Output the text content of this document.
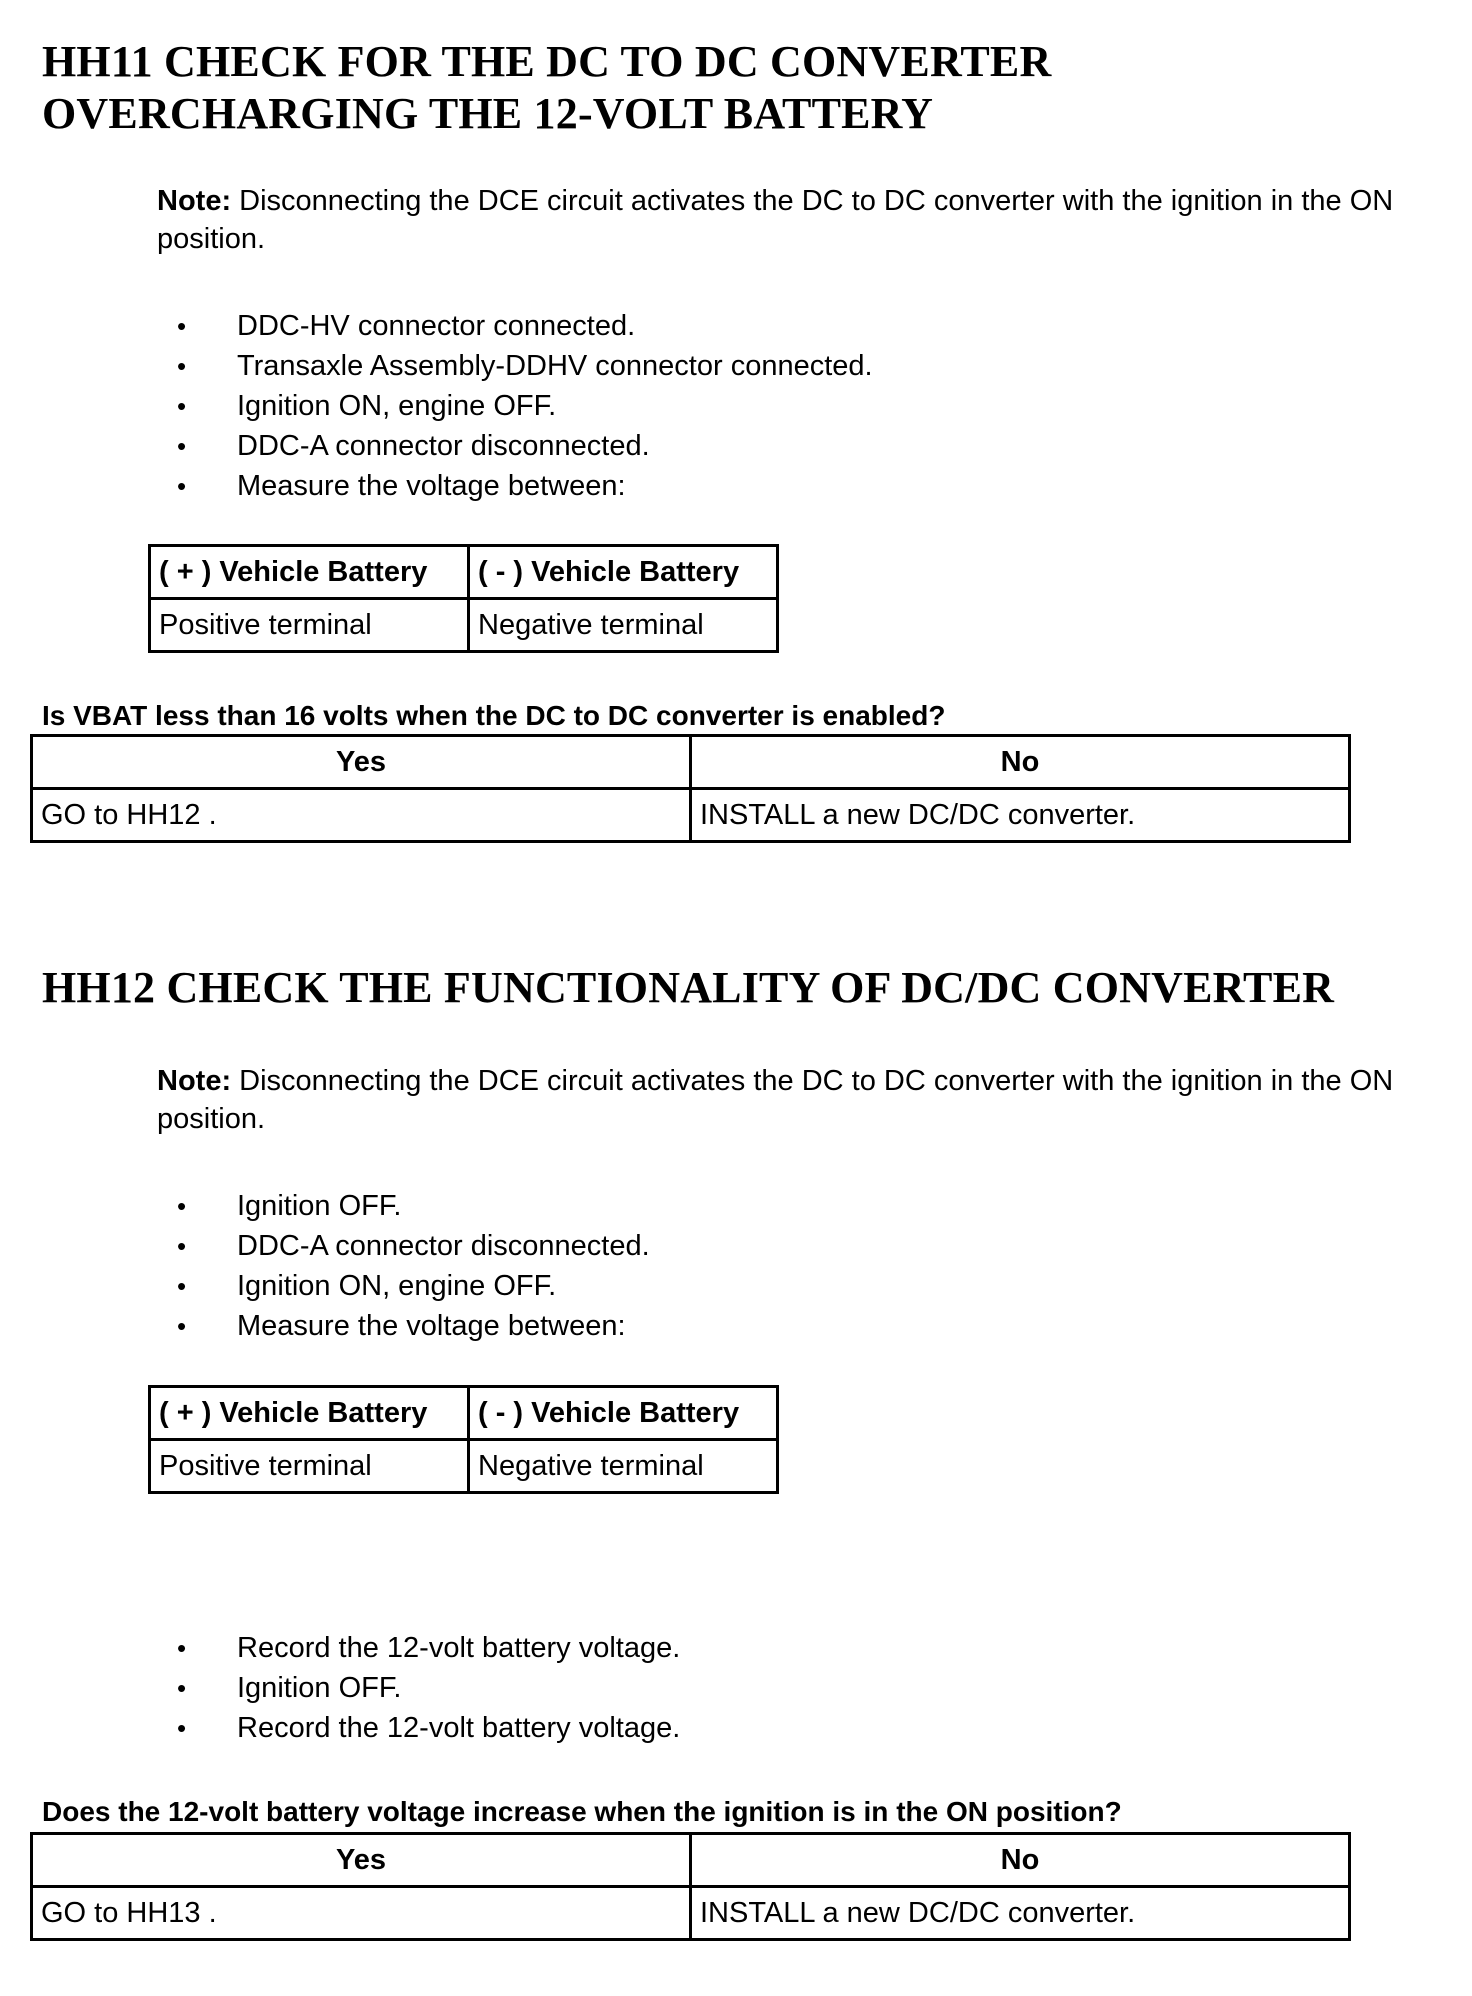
HH11 CHECK FOR THE DC TO DC CONVERTER
OVERCHARGING THE 12-VOLT BATTERY

Note: Disconnecting the DCE circuit activates the DC to DC converter with the ignition in the ON position.

• DDC-HV connector connected.
• Transaxle Assembly-DDHV connector connected.
• Ignition ON, engine OFF.
• DDC-A connector disconnected.
• Measure the voltage between:
( + ) Vehicle Battery	( - ) Vehicle Battery
Positive terminal	Negative terminal

Is VBAT less than 16 volts when the DC to DC converter is enabled?

Yes	No
GO to HH12 .	INSTALL a new DC/DC converter.
HH12 CHECK THE FUNCTIONALITY OF DC/DC CONVERTER

Note: Disconnecting the DCE circuit activates the DC to DC converter with the ignition in the ON position.

• Ignition OFF.
• DDC-A connector disconnected.
• Ignition ON, engine OFF.
• Measure the voltage between:
( + ) Vehicle Battery	( - ) Vehicle Battery
Positive terminal	Negative terminal
• Record the 12-volt battery voltage.
• Ignition OFF.
• Record the 12-volt battery voltage.

Does the 12-volt battery voltage increase when the ignition is in the ON position?

Yes	No
GO to HH13 .	INSTALL a new DC/DC converter.
